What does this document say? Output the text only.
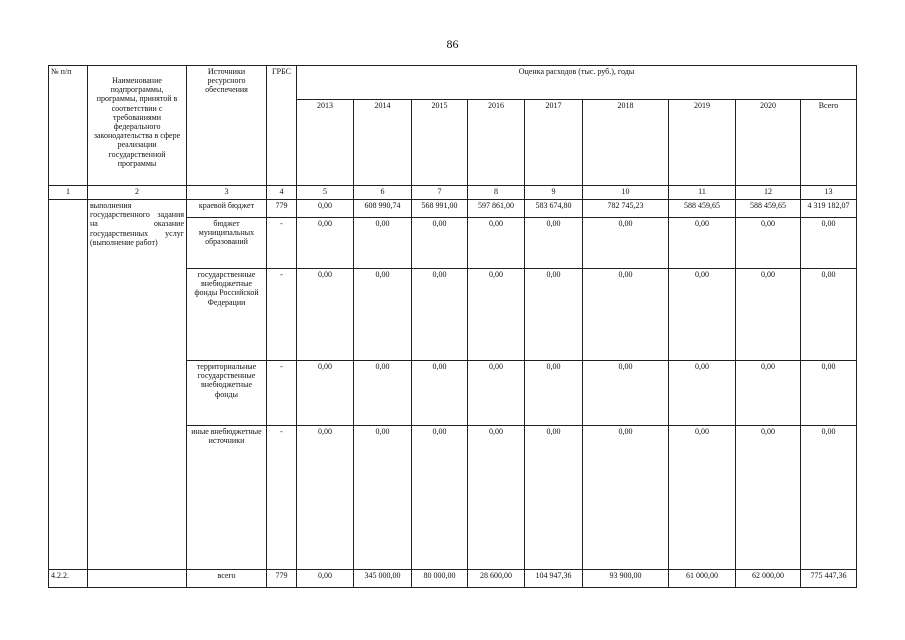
86
№ п/п	Наименование подпрограммы, программы, принятой в соответствии с требованиями федерального законодательства в сфере реализации государственной программы	Источники ресурсного обеспечения	ГРБС	Оценка расходов (тыс. руб.), годы								
				2013	2014	2015	2016	2017	2018	2019	2020	Всего
1	2	3	4	5	6	7	8	9	10	11	12	13
	выполнения государственного задания на оказание государственных услуг (выполнение работ)	краевой бюджет	779	0,00	608 990,74	568 991,00	597 861,00	583 674,80	782 745,23	588 459,65	588 459,65	4 319 182,07
		бюджет муниципальных образований	-	0,00	0,00	0,00	0,00	0,00	0,00	0,00	0,00	0,00
		государственные внебюджетные фонды Российской Федерации	-	0,00	0,00	0,00	0,00	0,00	0,00	0,00	0,00	0,00
		территориальные государственные внебюджетные фонды	-	0,00	0,00	0,00	0,00	0,00	0,00	0,00	0,00	0,00
		иные внебюджетные источники	-	0,00	0,00	0,00	0,00	0,00	0,00	0,00	0,00	0,00
4.2.2.		всего	779	0,00	345 000,00	80 000,00	28 600,00	104 947,36	93 900,00	61 000,00	62 000,00	775 447,36
